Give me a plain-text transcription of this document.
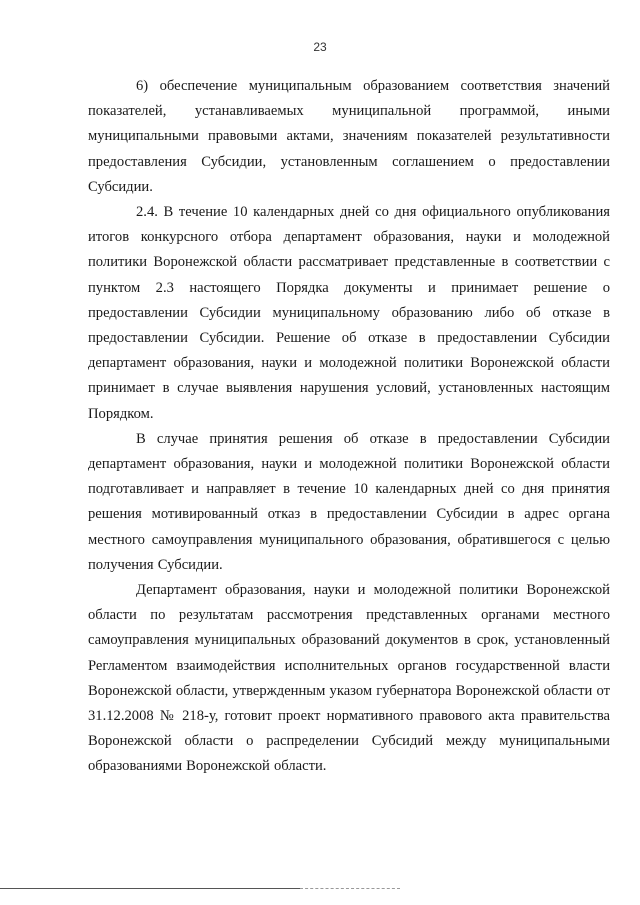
23

6) обеспечение муниципальным образованием соответствия значений показателей, устанавливаемых муниципальной программой, иными муниципальными правовыми актами, значениям показателей результативности предоставления Субсидии, установленным соглашением о предоставлении Субсидии.

2.4. В течение 10 календарных дней со дня официального опубликования итогов конкурсного отбора департамент образования, науки и молодежной политики Воронежской области рассматривает представленные в соответствии с пунктом 2.3 настоящего Порядка документы и принимает решение о предоставлении Субсидии муниципальному образованию либо об отказе в предоставлении Субсидии. Решение об отказе в предоставлении Субсидии департамент образования, науки и молодежной политики Воронежской области принимает в случае выявления нарушения условий, установленных настоящим Порядком.

В случае принятия решения об отказе в предоставлении Субсидии департамент образования, науки и молодежной политики Воронежской области подготавливает и направляет в течение 10 календарных дней со дня принятия решения мотивированный отказ в предоставлении Субсидии в адрес органа местного самоуправления муниципального образования, обратившегося с целью получения Субсидии.

Департамент образования, науки и молодежной политики Воронежской области по результатам рассмотрения представленных органами местного самоуправления муниципальных образований документов в срок, установленный Регламентом взаимодействия исполнительных органов государственной власти Воронежской области, утвержденным указом губернатора Воронежской области от 31.12.2008 № 218-у, готовит проект нормативного правового акта правительства Воронежской области о распределении Субсидий между муниципальными образованиями Воронежской области.
